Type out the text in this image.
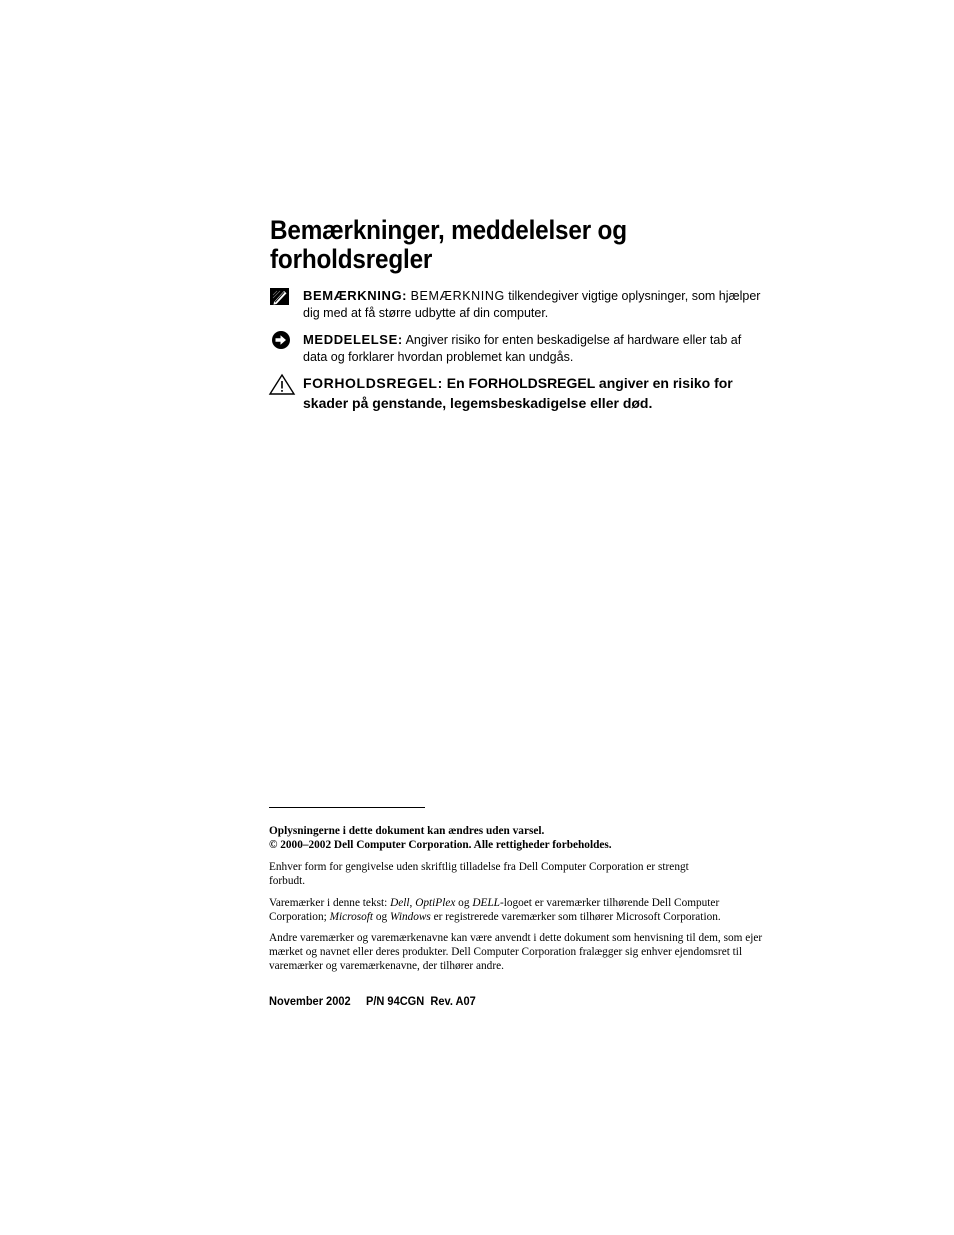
Bemærkninger, meddelelser og
forholdsregler
BEMÆRKNING: BEMÆRKNING tilkendegiver vigtige oplysninger, som hjælper dig med at få større udbytte af din computer.
MEDDELELSE: Angiver risiko for enten beskadigelse af hardware eller tab af data og forklarer hvordan problemet kan undgås.
FORHOLDSREGEL: En FORHOLDSREGEL angiver en risiko for skader på genstande, legemsbeskadigelse eller død.

Oplysningerne i dette dokument kan ændres uden varsel.
© 2000–2002 Dell Computer Corporation. Alle rettigheder forbeholdes.

Enhver form for gengivelse uden skriftlig tilladelse fra Dell Computer Corporation er strengt forbudt.

Varemærker i denne tekst: Dell, OptiPlex og DELL-logoet er varemærker tilhørende Dell Computer Corporation; Microsoft og Windows er registrerede varemærker som tilhører Microsoft Corporation.

Andre varemærker og varemærkenavne kan være anvendt i dette dokument som henvisning til dem, som ejer mærket og navnet eller deres produkter. Dell Computer Corporation fralægger sig enhver ejendomsret til varemærker og varemærkenavne, der tilhører andre.

November 2002 P/N 94CGN Rev. A07
